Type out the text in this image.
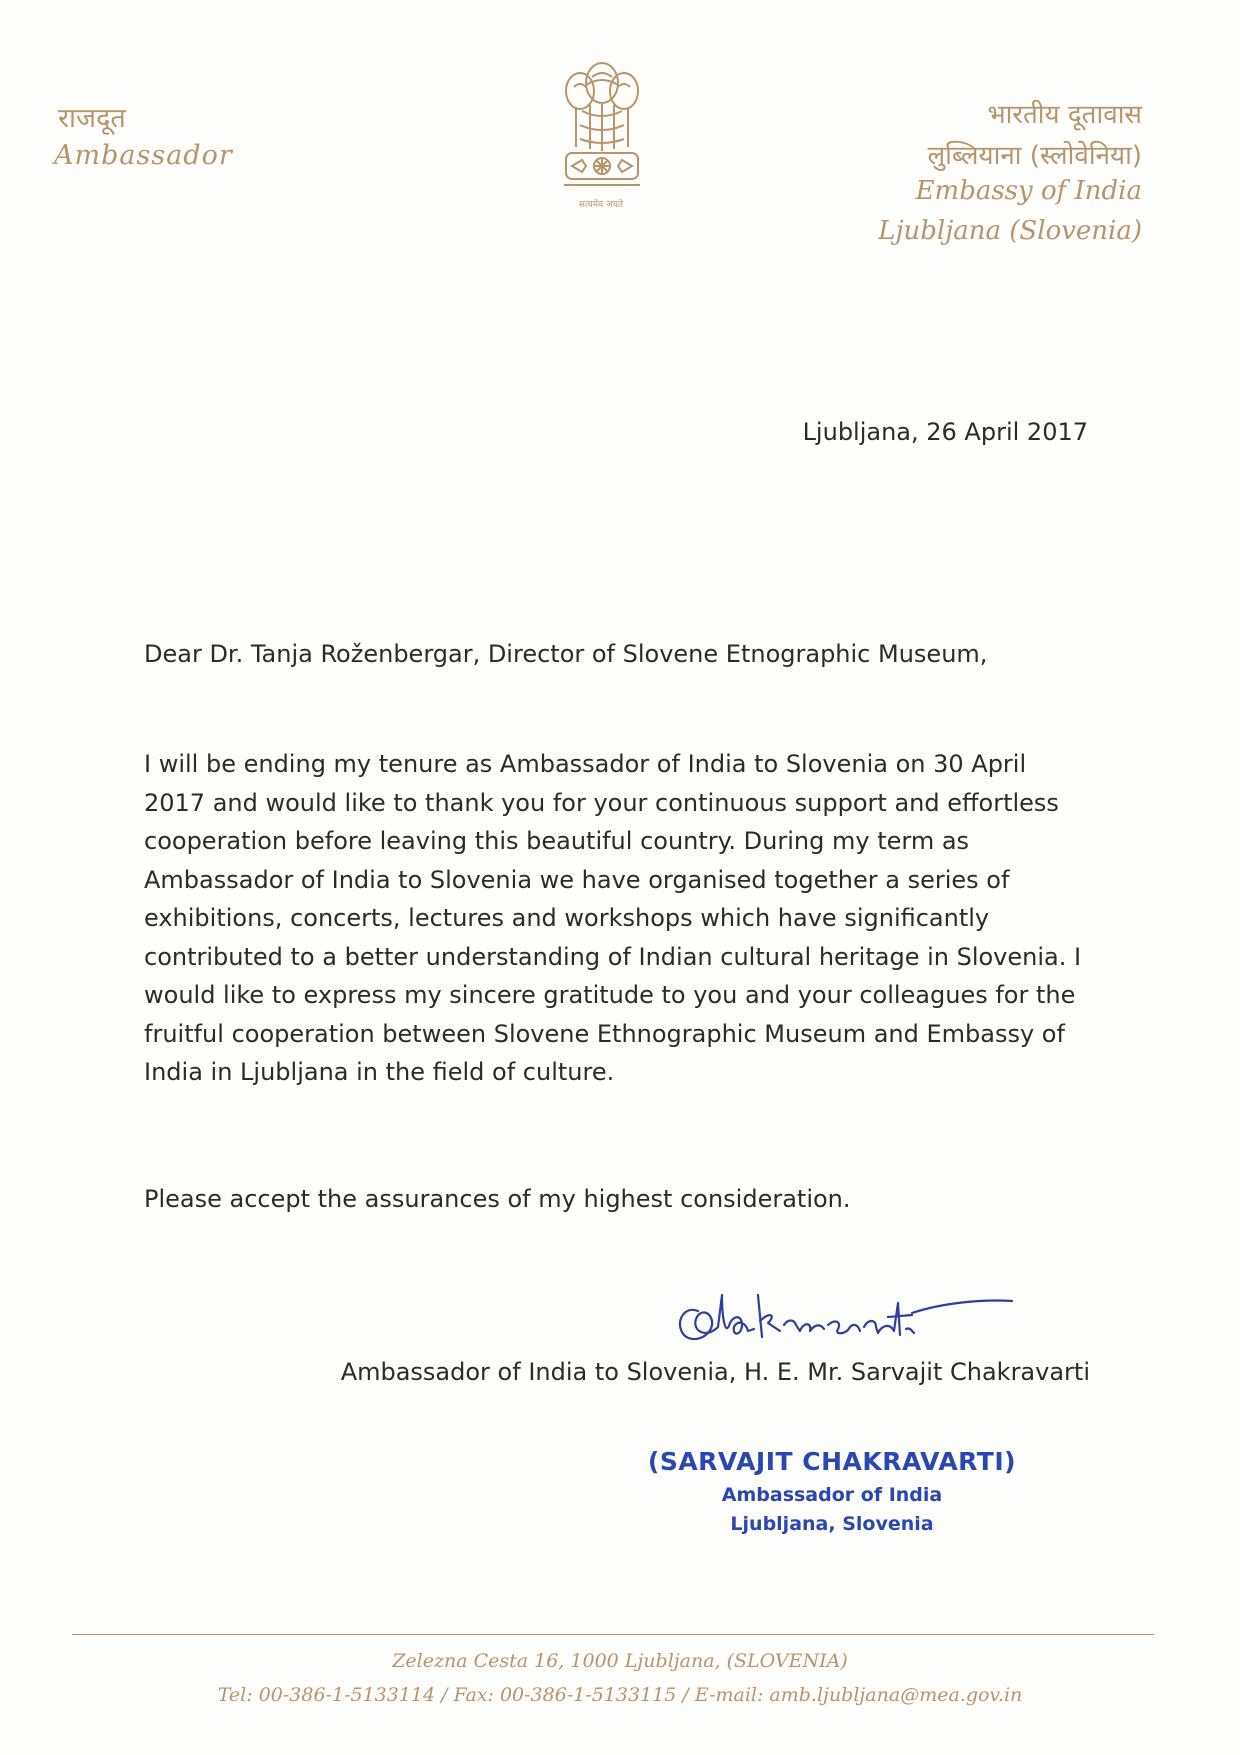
राजदूत
Ambassador
सत्यमेव जयते
भारतीय दूतावास
लुब्लियाना (स्लोवेनिया)
Embassy of India
Ljubljana (Slovenia)
Ljubljana, 26 April 2017
Dear Dr. Tanja Roženbergar, Director of Slovene Etnographic Museum,
I will be ending my tenure as Ambassador of India to Slovenia on 30 April 2017 and would like to thank you for your continuous support and effortless cooperation before leaving this beautiful country. During my term as Ambassador of India to Slovenia we have organised together a series of exhibitions, concerts, lectures and workshops which have significantly contributed to a better understanding of Indian cultural heritage in Slovenia. I would like to express my sincere gratitude to you and your colleagues for the fruitful cooperation between Slovene Ethnographic Museum and Embassy of India in Ljubljana in the field of culture.
Please accept the assurances of my highest consideration.
Ambassador of India to Slovenia, H. E. Mr. Sarvajit Chakravarti
(SARVAJIT CHAKRAVARTI)
Ambassador of India
Ljubljana, Slovenia
Zelezna Cesta 16, 1000 Ljubljana, (SLOVENIA)
Tel: 00-386-1-5133114 / Fax: 00-386-1-5133115 / E-mail: amb.ljubljana@mea.gov.in
